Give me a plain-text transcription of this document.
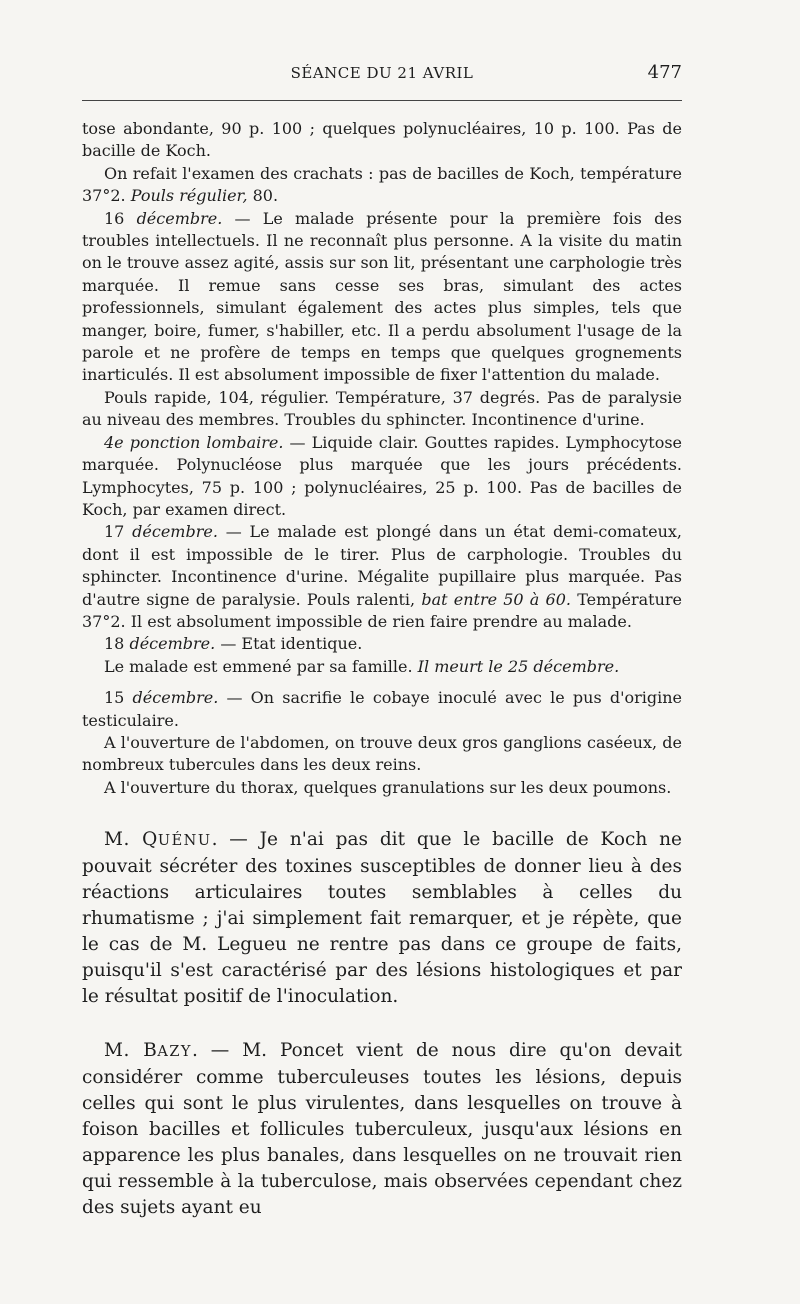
SÉANCE DU 21 AVRIL	477

tose abondante, 90 p. 100 ; quelques polynucléaires, 10 p. 100. Pas de bacille de Koch.

On refait l'examen des crachats : pas de bacilles de Koch, température 37°2. Pouls régulier, 80.

16 décembre. — Le malade présente pour la première fois des troubles intellectuels. Il ne reconnaît plus personne. A la visite du matin on le trouve assez agité, assis sur son lit, présentant une carphologie très marquée. Il remue sans cesse ses bras, simulant des actes professionnels, simulant également des actes plus simples, tels que manger, boire, fumer, s'habiller, etc. Il a perdu absolument l'usage de la parole et ne profère de temps en temps que quelques grognements inarticulés. Il est absolument impossible de fixer l'attention du malade.

Pouls rapide, 104, régulier. Température, 37 degrés. Pas de paralysie au niveau des membres. Troubles du sphincter. Incontinence d'urine.

4e ponction lombaire. — Liquide clair. Gouttes rapides. Lymphocytose marquée. Polynucléose plus marquée que les jours précédents. Lymphocytes, 75 p. 100 ; polynucléaires, 25 p. 100. Pas de bacilles de Koch, par examen direct.

17 décembre. — Le malade est plongé dans un état demi-comateux, dont il est impossible de le tirer. Plus de carphologie. Troubles du sphincter. Incontinence d'urine. Mégalite pupillaire plus marquée. Pas d'autre signe de paralysie. Pouls ralenti, bat entre 50 à 60. Température 37°2. Il est absolument impossible de rien faire prendre au malade.

18 décembre. — Etat identique.

Le malade est emmené par sa famille. Il meurt le 25 décembre.

15 décembre. — On sacrifie le cobaye inoculé avec le pus d'origine testiculaire.

A l'ouverture de l'abdomen, on trouve deux gros ganglions caséeux, de nombreux tubercules dans les deux reins.

A l'ouverture du thorax, quelques granulations sur les deux poumons.

M. QUÉNU. — Je n'ai pas dit que le bacille de Koch ne pouvait sécréter des toxines susceptibles de donner lieu à des réactions articulaires toutes semblables à celles du rhumatisme ; j'ai simplement fait remarquer, et je répète, que le cas de M. Legueu ne rentre pas dans ce groupe de faits, puisqu'il s'est caractérisé par des lésions histologiques et par le résultat positif de l'inoculation.

M. BAZY. — M. Poncet vient de nous dire qu'on devait considérer comme tuberculeuses toutes les lésions, depuis celles qui sont le plus virulentes, dans lesquelles on trouve à foison bacilles et follicules tuberculeux, jusqu'aux lésions en apparence les plus banales, dans lesquelles on ne trouvait rien qui ressemble à la tuberculose, mais observées cependant chez des sujets ayant eu
